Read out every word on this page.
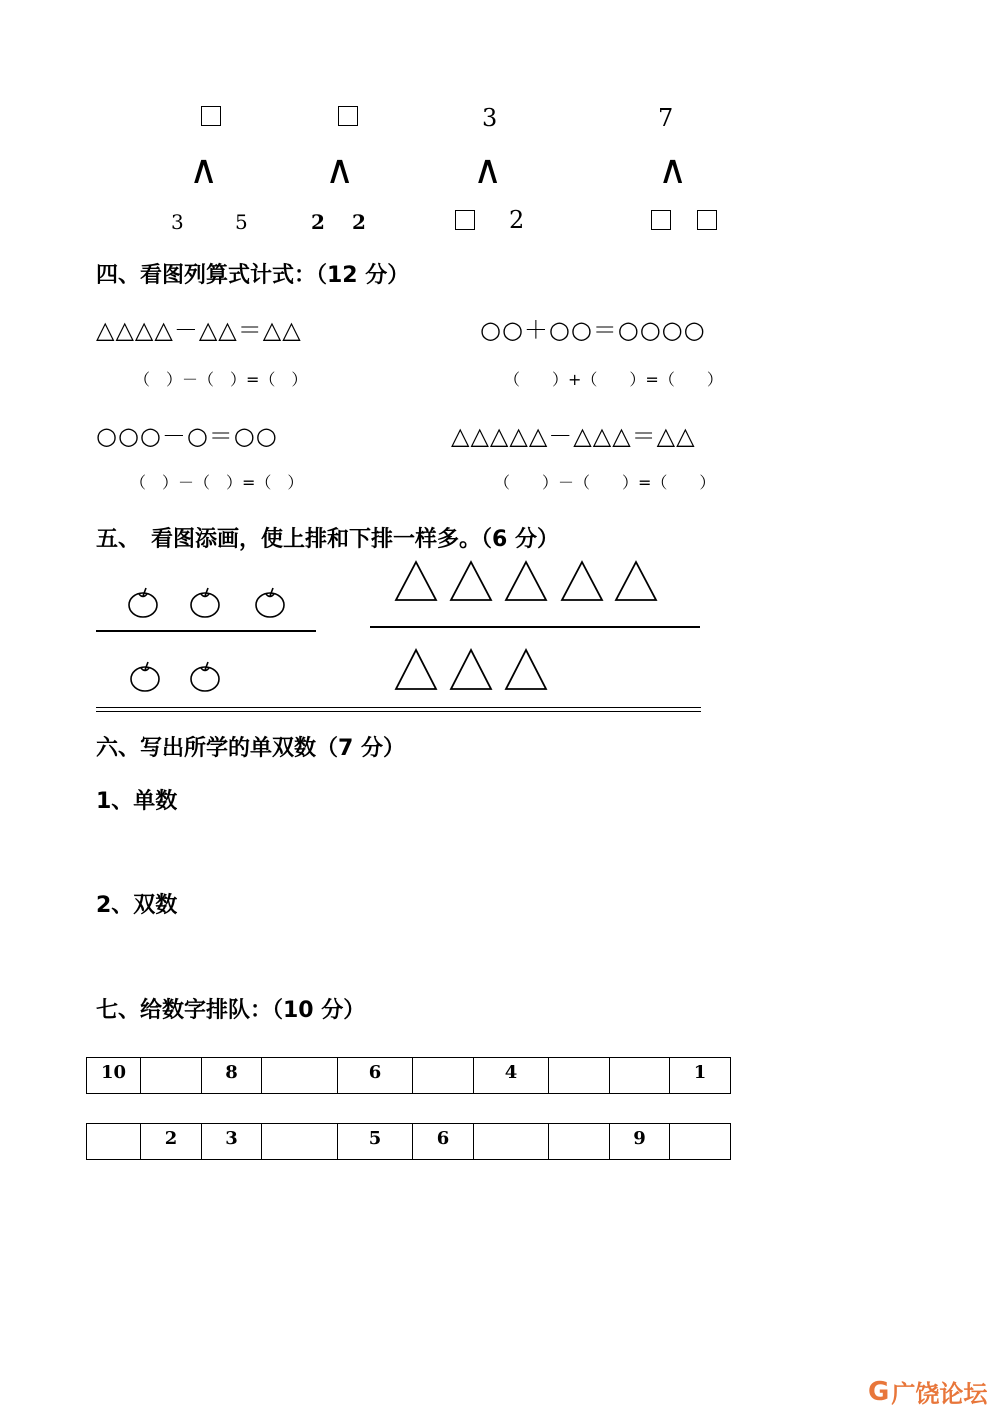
∧
3	5
∧
2 2
3
∧
2
7
∧
四、看图列算式计式：（12 分）
△△△△－△△＝△△
（　）－（　）=（　）
○○＋○○＝○○○○
（　　）+（　　）=（　　）
○○○－○＝○○
（　）－（　）=（　）
△△△△△－△△△＝△△
（　　）－（　　）=（　　）
五、　看图添画，使上排和下排一样多。（6 分）
六、写出所学的单双数（7 分）
1、单数
2、双数
七、给数字排队：（10 分）
10		8		6		4			1
	2	3		5	6			9	
G 广饶论坛
